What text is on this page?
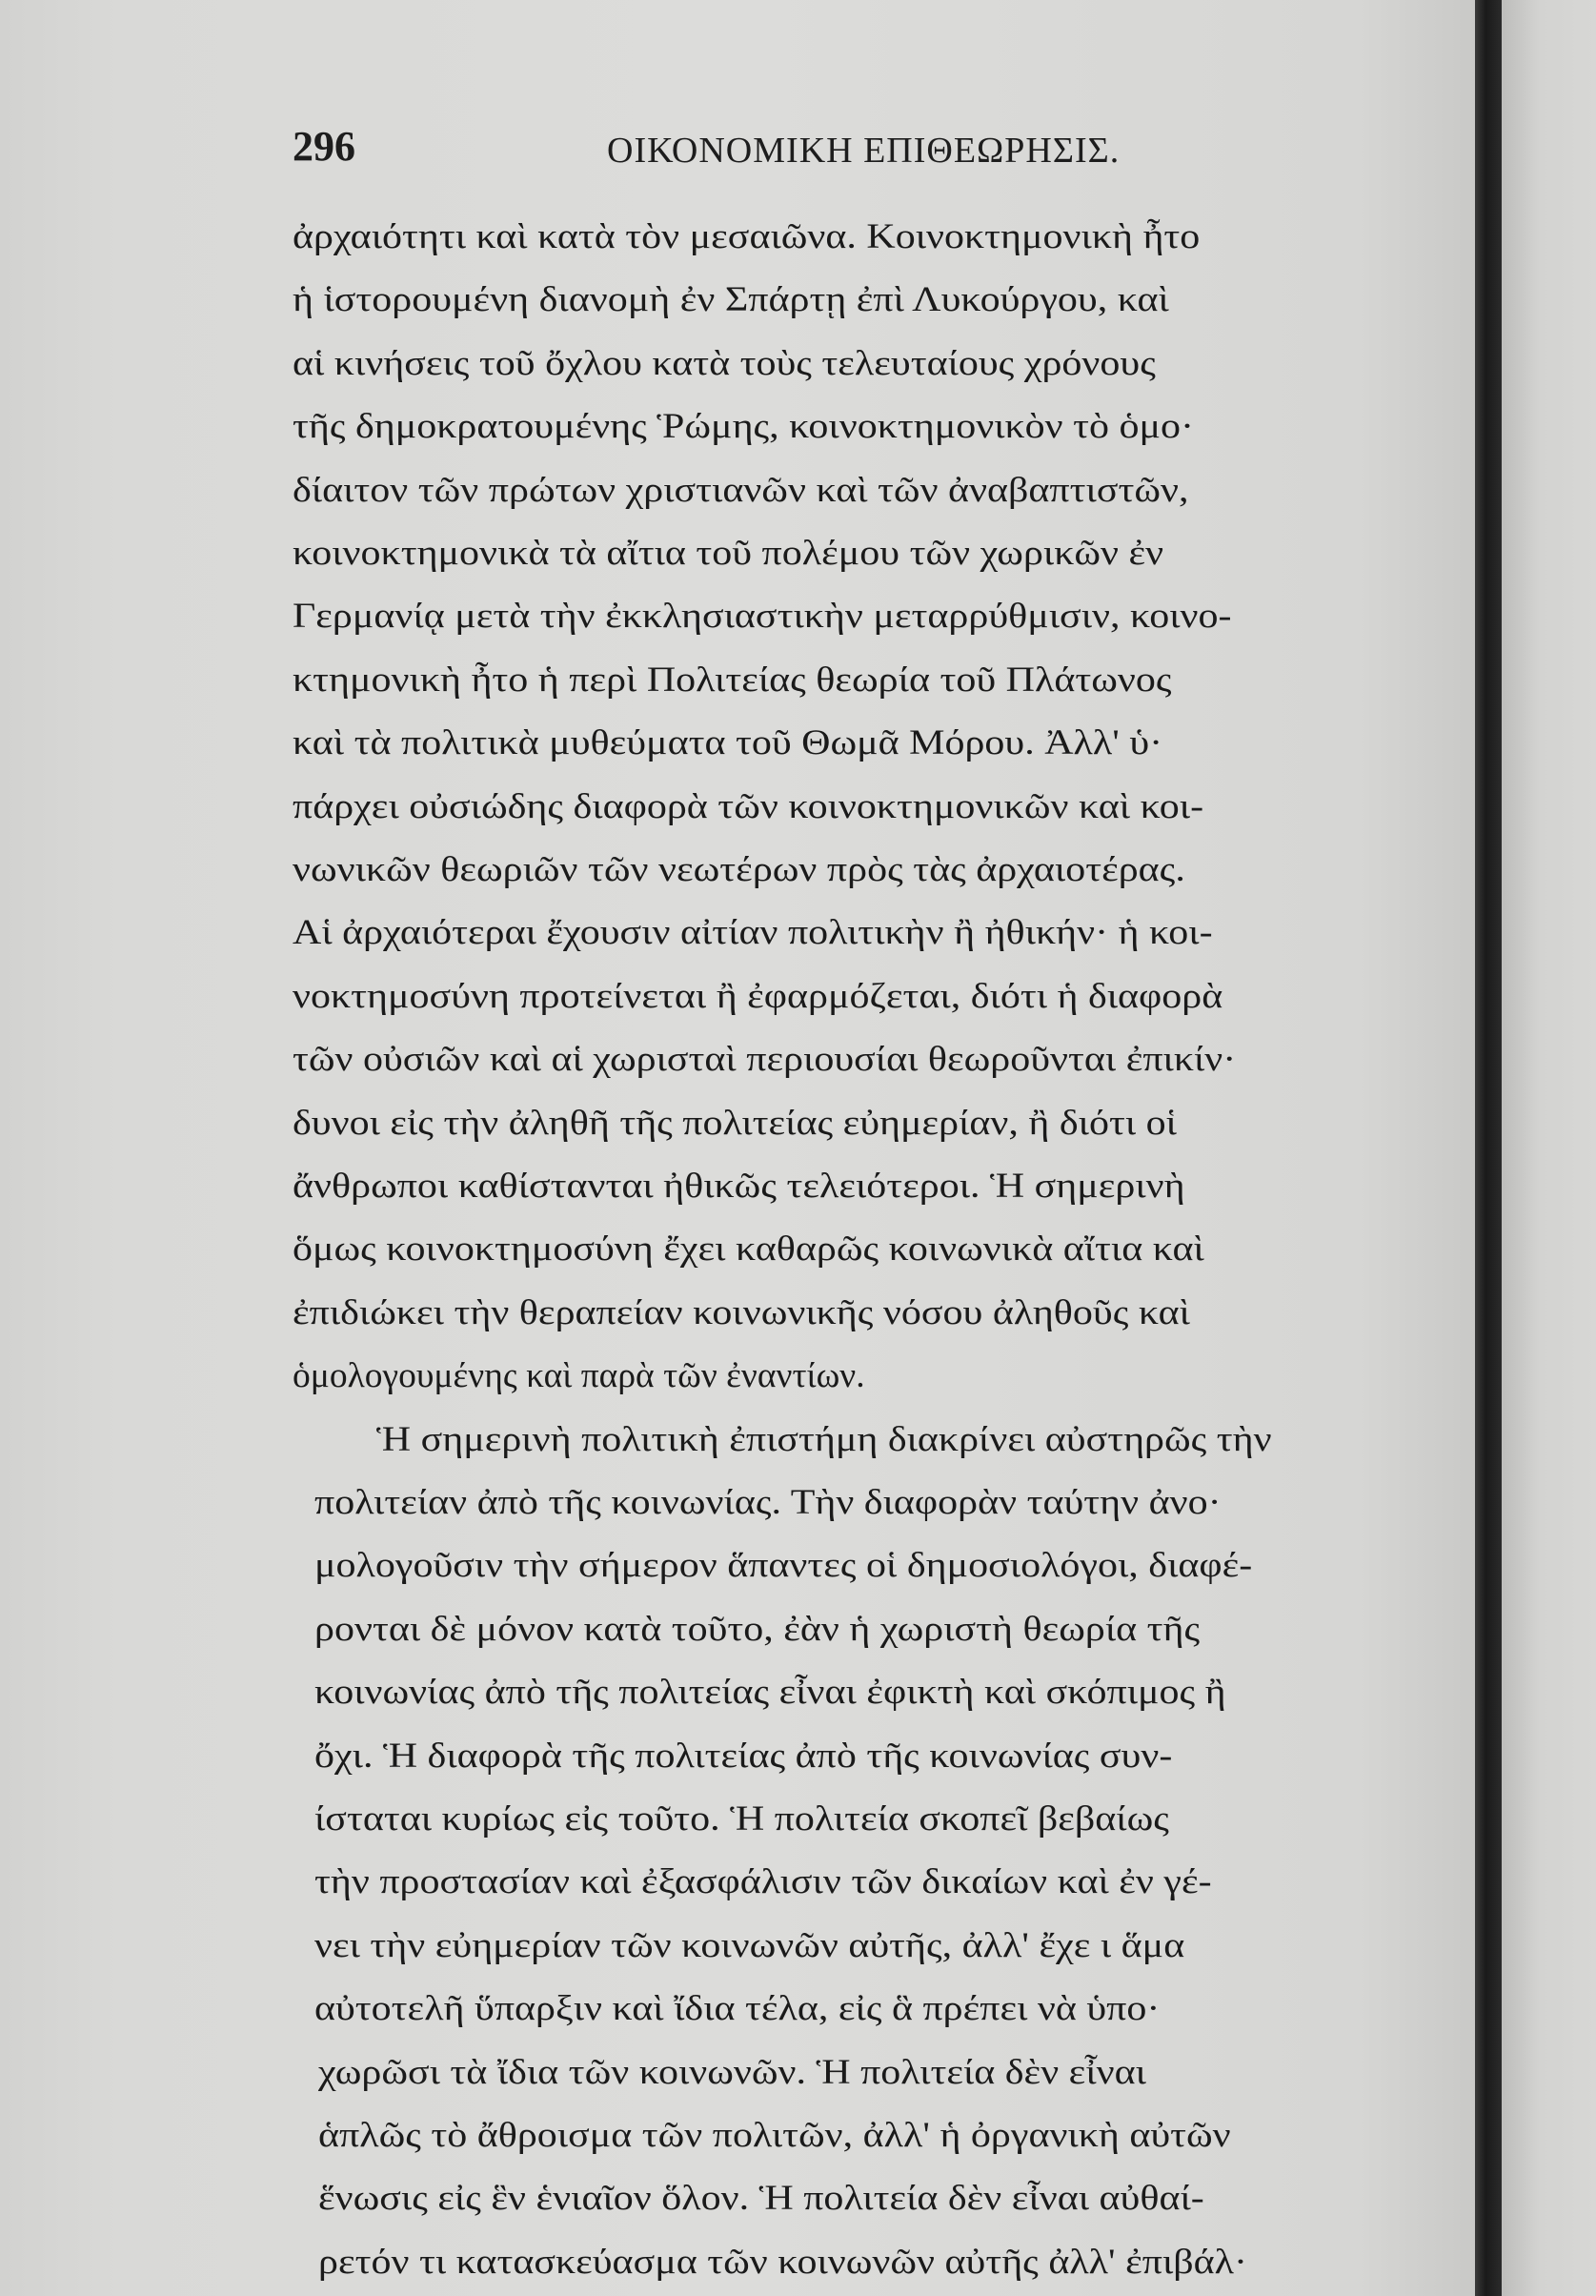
296	ΟΙΚΟΝΟΜΙΚΗ ΕΠΙΘΕΩΡΗΣΙΣ.
ἀρχαιότητι καὶ κατὰ τὸν μεσαιῶνα. Κοινοκτημονικὴ ἦτο
ἡ ἱστορουμένη διανομὴ ἐν Σπάρτῃ ἐπὶ Λυκούργου, καὶ
αἱ κινήσεις τοῦ ὄχλου κατὰ τοὺς τελευταίους χρόνους
τῆς δημοκρατουμένης Ῥώμης, κοινοκτημονικὸν τὸ ὁμο·
δίαιτον τῶν πρώτων χριστιανῶν καὶ τῶν ἀναβαπτιστῶν,
κοινοκτημονικὰ τὰ αἴτια τοῦ πολέμου τῶν χωρικῶν ἐν
Γερμανίᾳ μετὰ τὴν ἐκκλησιαστικὴν μεταρρύθμισιν, κοινο-
κτημονικὴ ἦτο ἡ περὶ Πολιτείας θεωρία τοῦ Πλάτωνος
καὶ τὰ πολιτικὰ μυθεύματα τοῦ Θωμᾶ Μόρου. Ἀλλ' ὑ·
πάρχει οὐσιώδης διαφορὰ τῶν κοινοκτημονικῶν καὶ κοι-
νωνικῶν θεωριῶν τῶν νεωτέρων πρὸς τὰς ἀρχαιοτέρας.
Αἱ ἀρχαιότεραι ἔχουσιν αἰτίαν πολιτικὴν ἢ ἠθικήν· ἡ κοι-
νοκτημοσύνη προτείνεται ἢ ἐφαρμόζεται, διότι ἡ διαφορὰ
τῶν οὐσιῶν καὶ αἱ χωρισταὶ περιουσίαι θεωροῦνται ἐπικίν·
δυνοι εἰς τὴν ἀληθῆ τῆς πολιτείας εὐημερίαν, ἢ διότι οἱ
ἄνθρωποι καθίστανται ἠθικῶς τελειότεροι. Ἡ σημερινὴ
ὅμως κοινοκτημοσύνη ἔχει καθαρῶς κοινωνικὰ αἴτια καὶ
ἐπιδιώκει τὴν θεραπείαν κοινωνικῆς νόσου ἀληθοῦς καὶ
ὁμολογουμένης καὶ παρὰ τῶν ἐναντίων.
Ἡ σημερινὴ πολιτικὴ ἐπιστήμη διακρίνει αὐστηρῶς τὴν
πολιτείαν ἀπὸ τῆς κοινωνίας. Τὴν διαφορὰν ταύτην ἀνο·
μολογοῦσιν τὴν σήμερον ἅπαντες οἱ δημοσιολόγοι, διαφέ-
ρονται δὲ μόνον κατὰ τοῦτο, ἐὰν ἡ χωριστὴ θεωρία τῆς
κοινωνίας ἀπὸ τῆς πολιτείας εἶναι ἐφικτὴ καὶ σκόπιμος ἢ
ὄχι. Ἡ διαφορὰ τῆς πολιτείας ἀπὸ τῆς κοινωνίας συν-
ίσταται κυρίως εἰς τοῦτο. Ἡ πολιτεία σκοπεῖ βεβαίως
τὴν προστασίαν καὶ ἐξασφάλισιν τῶν δικαίων καὶ ἐν γέ-
νει τὴν εὐημερίαν τῶν κοινωνῶν αὐτῆς, ἀλλ' ἔχε ι ἅμα
αὐτοτελῆ ὕπαρξιν καὶ ἴδια τέλα, εἰς ἃ πρέπει νὰ ὑπο·
χωρῶσι τὰ ἴδια τῶν κοινωνῶν. Ἡ πολιτεία δὲν εἶναι
ἁπλῶς τὸ ἄθροισμα τῶν πολιτῶν, ἀλλ' ἡ ὀργανικὴ αὐτῶν
ἕνωσις εἰς ἓν ἑνιαῖον ὅλον. Ἡ πολιτεία δὲν εἶναι αὐθαί-
ρετόν τι κατασκεύασμα τῶν κοινωνῶν αὐτῆς ἀλλ' ἐπιβάλ·
